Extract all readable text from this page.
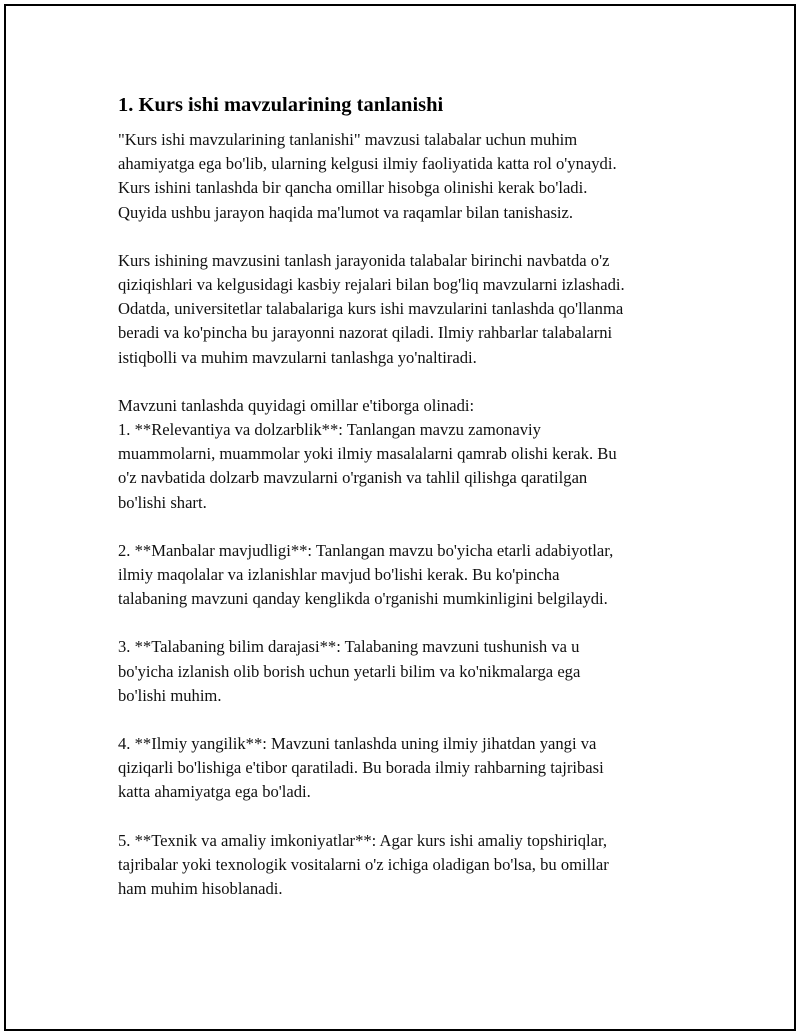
1. Kurs ishi mavzularining tanlanishi

"Kurs ishi mavzularining tanlanishi" mavzusi talabalar uchun muhim
ahamiyatga ega bo'lib, ularning kelgusi ilmiy faoliyatida katta rol o'ynaydi.
Kurs ishini tanlashda bir qancha omillar hisobga olinishi kerak bo'ladi.
Quyida ushbu jarayon haqida ma'lumot va raqamlar bilan tanishasiz.

Kurs ishining mavzusini tanlash jarayonida talabalar birinchi navbatda o'z
qiziqishlari va kelgusidagi kasbiy rejalari bilan bog'liq mavzularni izlashadi.
Odatda, universitetlar talabalariga kurs ishi mavzularini tanlashda qo'llanma
beradi va ko'pincha bu jarayonni nazorat qiladi. Ilmiy rahbarlar talabalarni
istiqbolli va muhim mavzularni tanlashga yo'naltiradi.

Mavzuni tanlashda quyidagi omillar e'tiborga olinadi:
1. **Relevantiya va dolzarblik**: Tanlangan mavzu zamonaviy
muammolarni, muammolar yoki ilmiy masalalarni qamrab olishi kerak. Bu
o'z navbatida dolzarb mavzularni o'rganish va tahlil qilishga qaratilgan
bo'lishi shart.

2. **Manbalar mavjudligi**: Tanlangan mavzu bo'yicha etarli adabiyotlar,
ilmiy maqolalar va izlanishlar mavjud bo'lishi kerak. Bu ko'pincha
talabaning mavzuni qanday kenglikda o'rganishi mumkinligini belgilaydi.

3. **Talabaning bilim darajasi**: Talabaning mavzuni tushunish va u
bo'yicha izlanish olib borish uchun yetarli bilim va ko'nikmalarga ega
bo'lishi muhim.

4. **Ilmiy yangilik**: Mavzuni tanlashda uning ilmiy jihatdan yangi va
qiziqarli bo'lishiga e'tibor qaratiladi. Bu borada ilmiy rahbarning tajribasi
katta ahamiyatga ega bo'ladi.

5. **Texnik va amaliy imkoniyatlar**: Agar kurs ishi amaliy topshiriqlar,
tajribalar yoki texnologik vositalarni o'z ichiga oladigan bo'lsa, bu omillar
ham muhim hisoblanadi.
